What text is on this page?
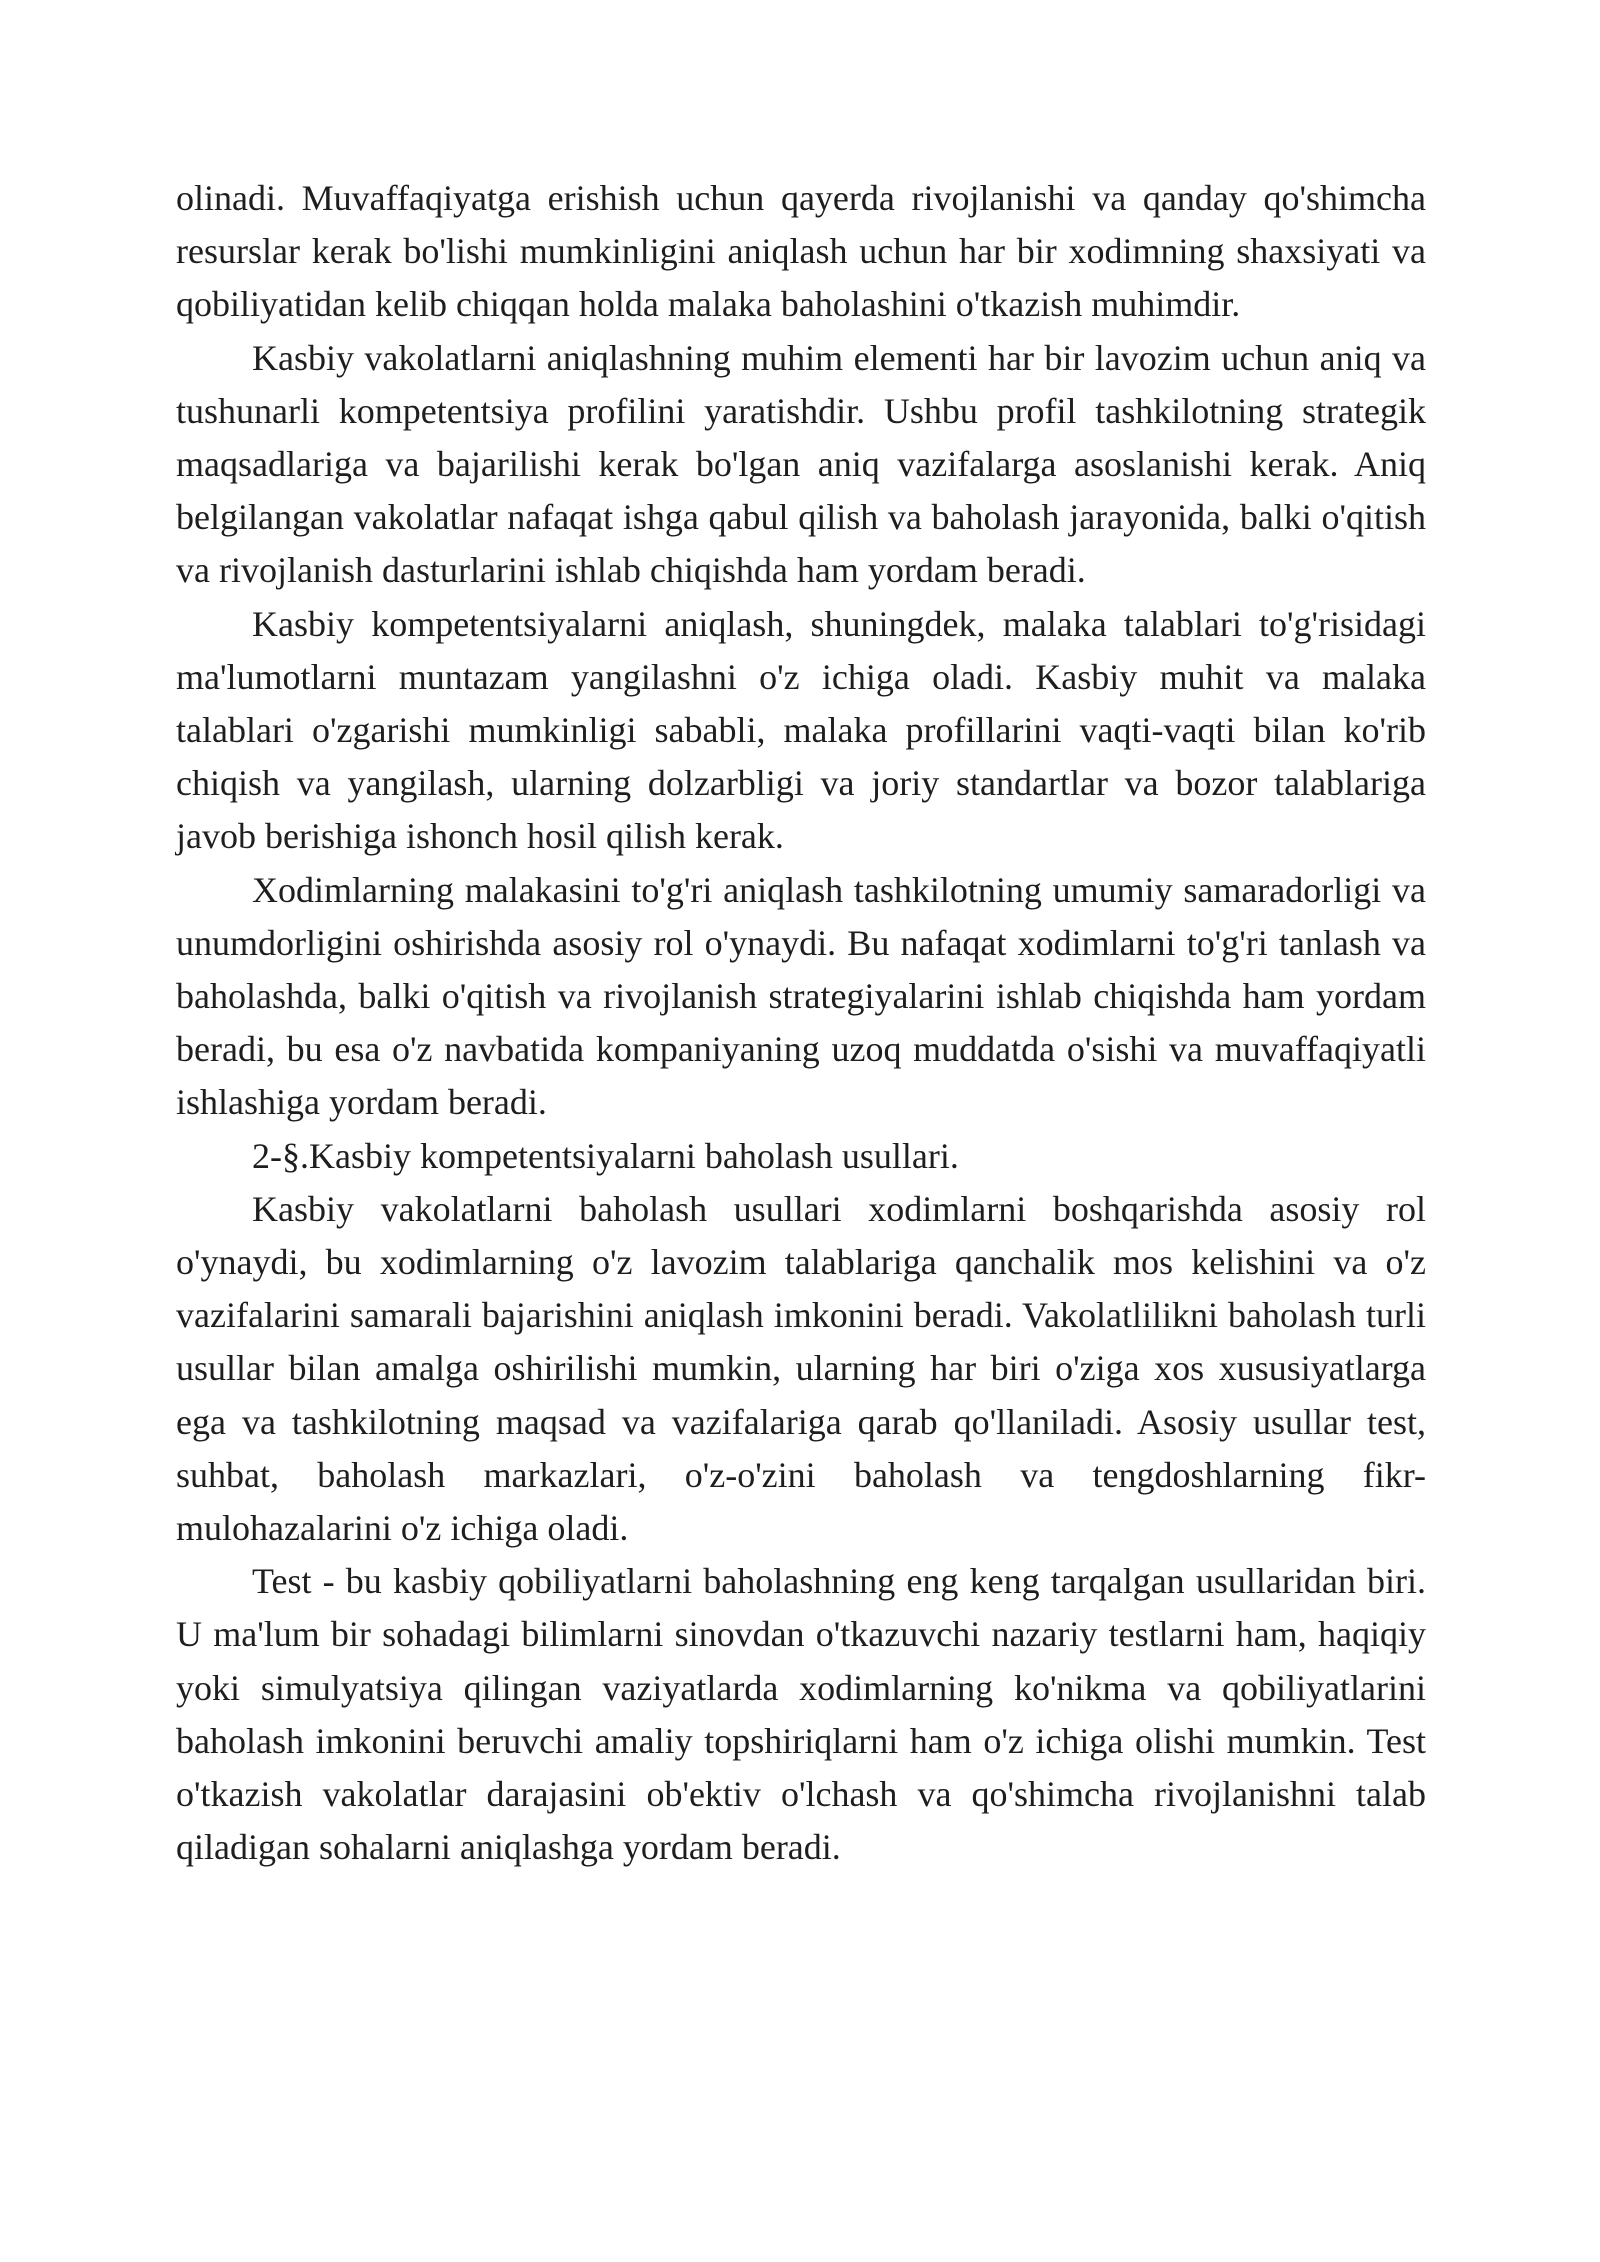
olinadi. Muvaffaqiyatga erishish uchun qayerda rivojlanishi va qanday qo'shimcha resurslar kerak bo'lishi mumkinligini aniqlash uchun har bir xodimning shaxsiyati va qobiliyatidan kelib chiqqan holda malaka baholashini o'tkazish muhimdir.

Kasbiy vakolatlarni aniqlashning muhim elementi har bir lavozim uchun aniq va tushunarli kompetentsiya profilini yaratishdir. Ushbu profil tashkilotning strategik maqsadlariga va bajarilishi kerak bo'lgan aniq vazifalarga asoslanishi kerak. Aniq belgilangan vakolatlar nafaqat ishga qabul qilish va baholash jarayonida, balki o'qitish va rivojlanish dasturlarini ishlab chiqishda ham yordam beradi.

Kasbiy kompetentsiyalarni aniqlash, shuningdek, malaka talablari to'g'risidagi ma'lumotlarni muntazam yangilashni o'z ichiga oladi. Kasbiy muhit va malaka talablari o'zgarishi mumkinligi sababli, malaka profillarini vaqti-vaqti bilan ko'rib chiqish va yangilash, ularning dolzarbligi va joriy standartlar va bozor talablariga javob berishiga ishonch hosil qilish kerak.

Xodimlarning malakasini to'g'ri aniqlash tashkilotning umumiy samaradorligi va unumdorligini oshirishda asosiy rol o'ynaydi. Bu nafaqat xodimlarni to'g'ri tanlash va baholashda, balki o'qitish va rivojlanish strategiyalarini ishlab chiqishda ham yordam beradi, bu esa o'z navbatida kompaniyaning uzoq muddatda o'sishi va muvaffaqiyatli ishlashiga yordam beradi.

2-§.Kasbiy kompetentsiyalarni baholash usullari.

Kasbiy vakolatlarni baholash usullari xodimlarni boshqarishda asosiy rol o'ynaydi, bu xodimlarning o'z lavozim talablariga qanchalik mos kelishini va o'z vazifalarini samarali bajarishini aniqlash imkonini beradi. Vakolatlilikni baholash turli usullar bilan amalga oshirilishi mumkin, ularning har biri o'ziga xos xususiyatlarga ega va tashkilotning maqsad va vazifalariga qarab qo'llaniladi. Asosiy usullar test, suhbat, baholash markazlari, o'z-o'zini baholash va tengdoshlarning fikr-mulohazalarini o'z ichiga oladi.

Test - bu kasbiy qobiliyatlarni baholashning eng keng tarqalgan usullaridan biri. U ma'lum bir sohadagi bilimlarni sinovdan o'tkazuvchi nazariy testlarni ham, haqiqiy yoki simulyatsiya qilingan vaziyatlarda xodimlarning ko'nikma va qobiliyatlarini baholash imkonini beruvchi amaliy topshiriqlarni ham o'z ichiga olishi mumkin. Test o'tkazish vakolatlar darajasini ob'ektiv o'lchash va qo'shimcha rivojlanishni talab qiladigan sohalarni aniqlashga yordam beradi.
